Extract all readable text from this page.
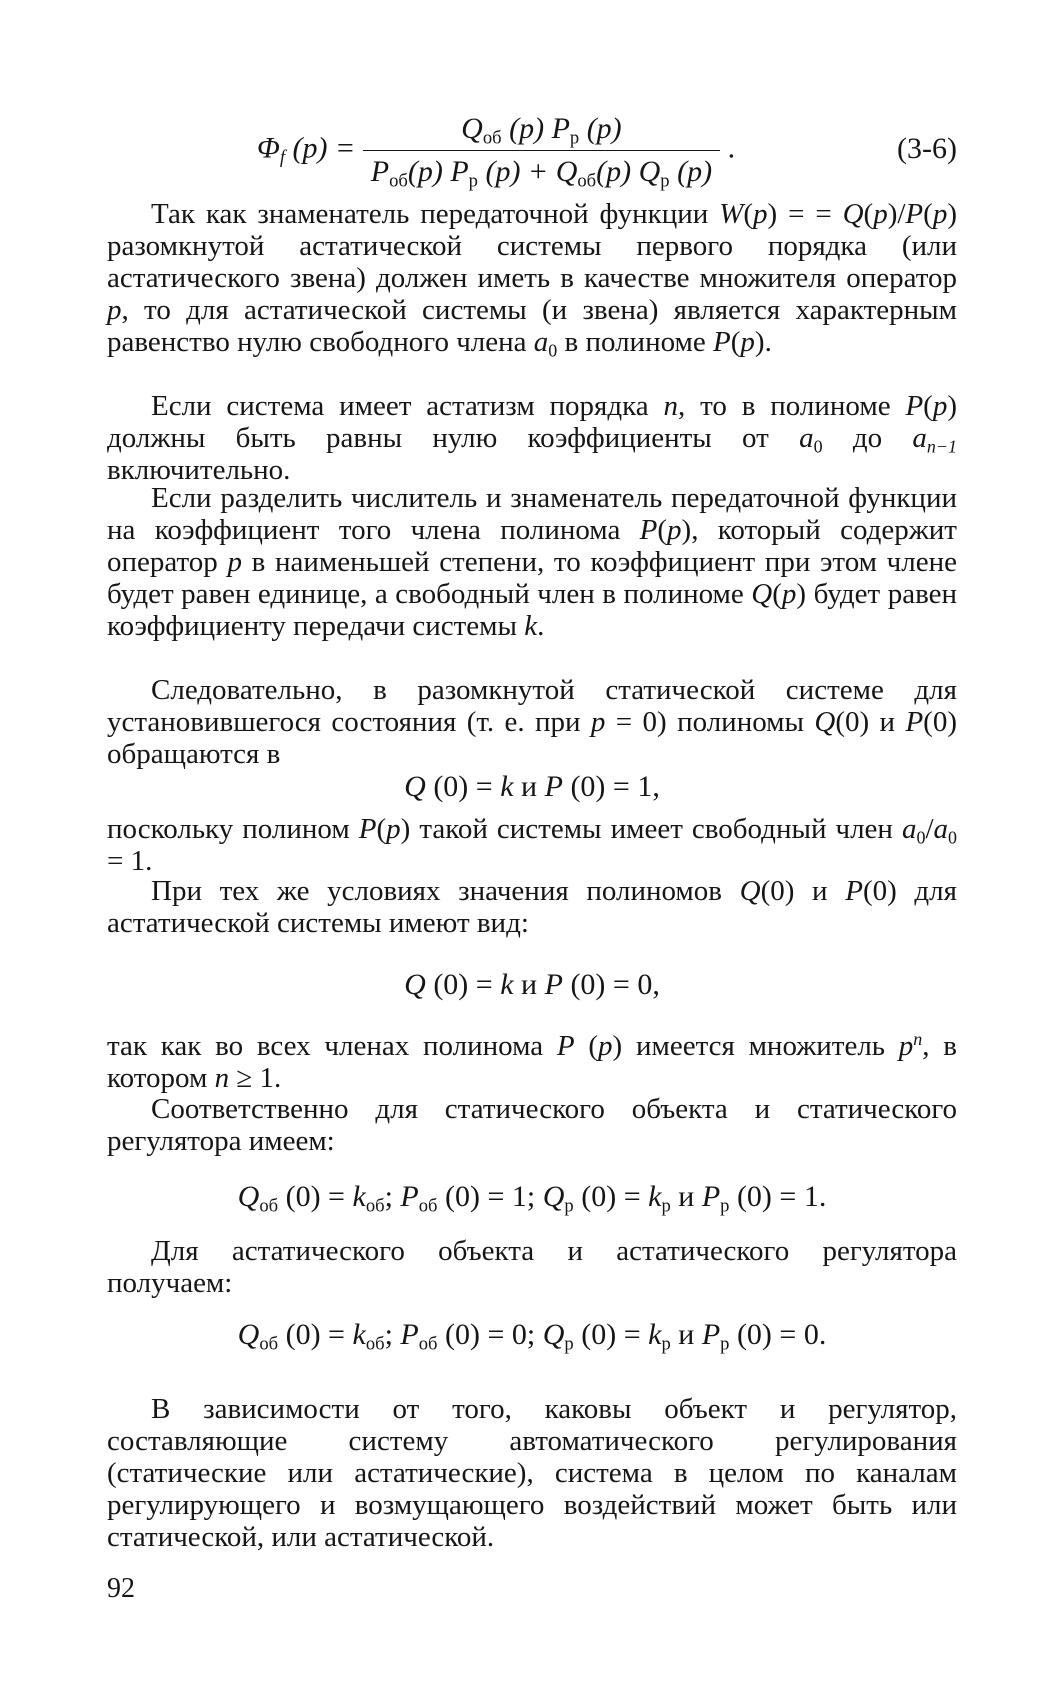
$\Phi_f$ $(p) = \frac{Q_{об} (p) P_р (p)}{P_{об}(p) P_р (p) + Q_{об}(p) Q_р (p)}$ .	(3-6)

Так как знаменатель передаточной функции W(p) = = Q(p)/P(p) разомкнутой астатической системы первого порядка (или астатического звена) должен иметь в качестве множителя оператор p, то для астатической системы (и звена) является характерным равенство нулю свободного члена $a_0$ в полиноме P(p).

Если система имеет астатизм порядка n, то в полиноме P(p) должны быть равны нулю коэффициенты от $a_0$ до $a_{n-1}$ включительно.

Если разделить числитель и знаменатель передаточной функции на коэффициент того члена полинома P(p), который содержит оператор p в наименьшей степени, то коэффициент при этом члене будет равен единице, а свободный член в полиноме Q(p) будет равен коэффициенту передачи системы k.

Следовательно, в разомкнутой статической системе для установившегося состояния (т. е. при p = 0) полиномы Q(0) и P(0) обращаются в

Q (0) = k и P (0) = 1,

поскольку полином P(p) такой системы имеет свободный член $a_0/a_0 = 1$.

При тех же условиях значения полиномов Q(0) и P(0) для астатической системы имеют вид:

Q (0) = k и P (0) = 0,

так как во всех членах полинома P (p) имеется множитель $p^n$, в котором n ≥ 1.

Соответственно для статического объекта и статического регулятора имеем:

$Q_{об}$ $(0) = k_{об}$; $P_{об}$ (0) = 1; $Q_р$ $(0) = k_р$ и $P_р$ (0) = 1.

Для астатического объекта и астатического регулятора получаем:

$Q_{об}$ $(0) = k_{об}$; $P_{об}$ (0) = 0; $Q_р$ $(0) = k_р$ и $P_р$ (0) = 0.

В зависимости от того, каковы объект и регулятор, составляющие систему автоматического регулирования (статические или астатические), система в целом по каналам регулирующего и возмущающего воздействий может быть или статической, или астатической.

92
